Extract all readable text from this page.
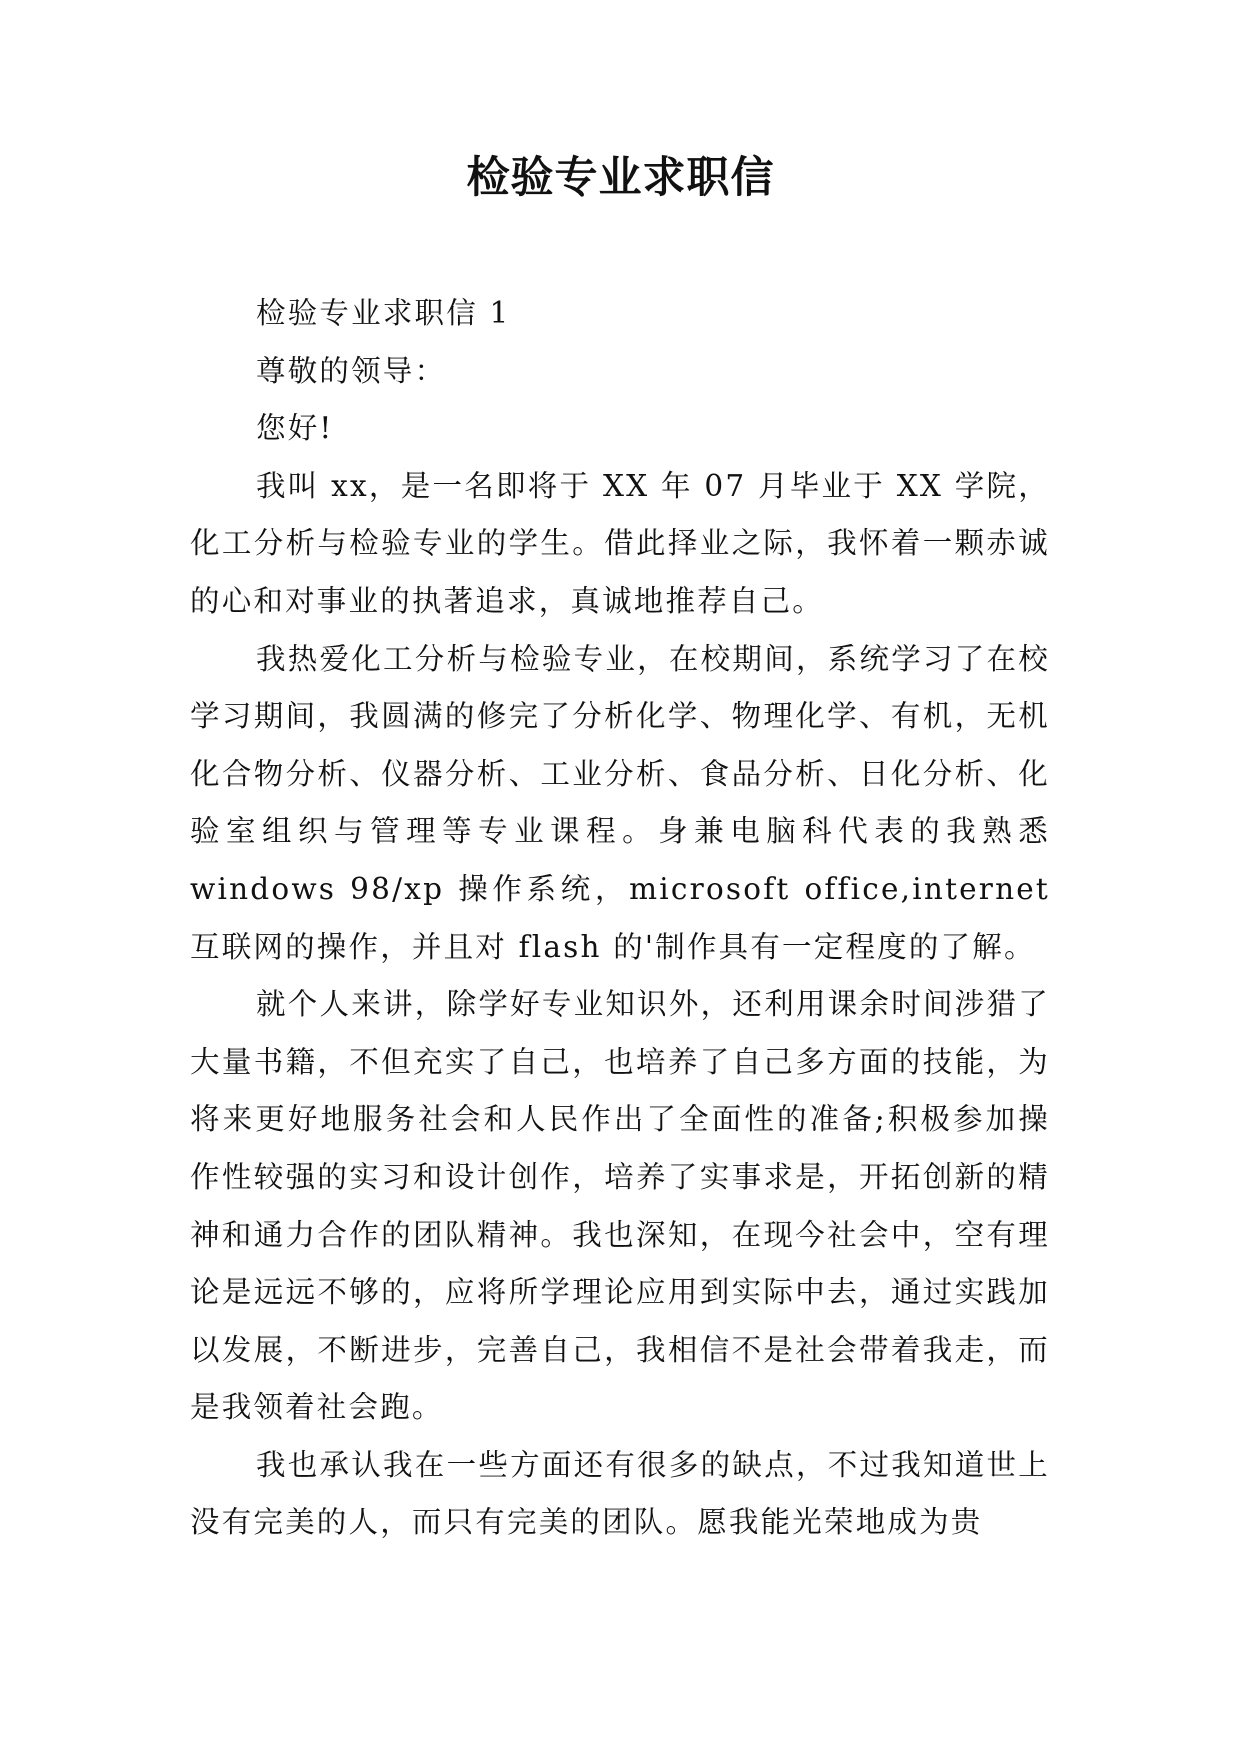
检验专业求职信

检验专业求职信 1

尊敬的领导：

您好!

我叫 xx，是一名即将于 XX 年 07 月毕业于 XX 学院，化工分析与检验专业的学生。借此择业之际，我怀着一颗赤诚的心和对事业的执著追求，真诚地推荐自己。

我热爱化工分析与检验专业，在校期间，系统学习了在校学习期间，我圆满的修完了分析化学、物理化学、有机，无机化合物分析、仪器分析、工业分析、食品分析、日化分析、化验室组织与管理等专业课程。身兼电脑科代表的我熟悉 windows 98/xp 操作系统，microsoft office,internet 互联网的操作，并且对 flash 的'制作具有一定程度的了解。

就个人来讲，除学好专业知识外，还利用课余时间涉猎了大量书籍，不但充实了自己，也培养了自己多方面的技能，为将来更好地服务社会和人民作出了全面性的准备;积极参加操作性较强的实习和设计创作，培养了实事求是，开拓创新的精神和通力合作的团队精神。我也深知，在现今社会中，空有理论是远远不够的，应将所学理论应用到实际中去，通过实践加以发展，不断进步，完善自己，我相信不是社会带着我走，而是我领着社会跑。

我也承认我在一些方面还有很多的缺点，不过我知道世上没有完美的人，而只有完美的团队。愿我能光荣地成为贵
